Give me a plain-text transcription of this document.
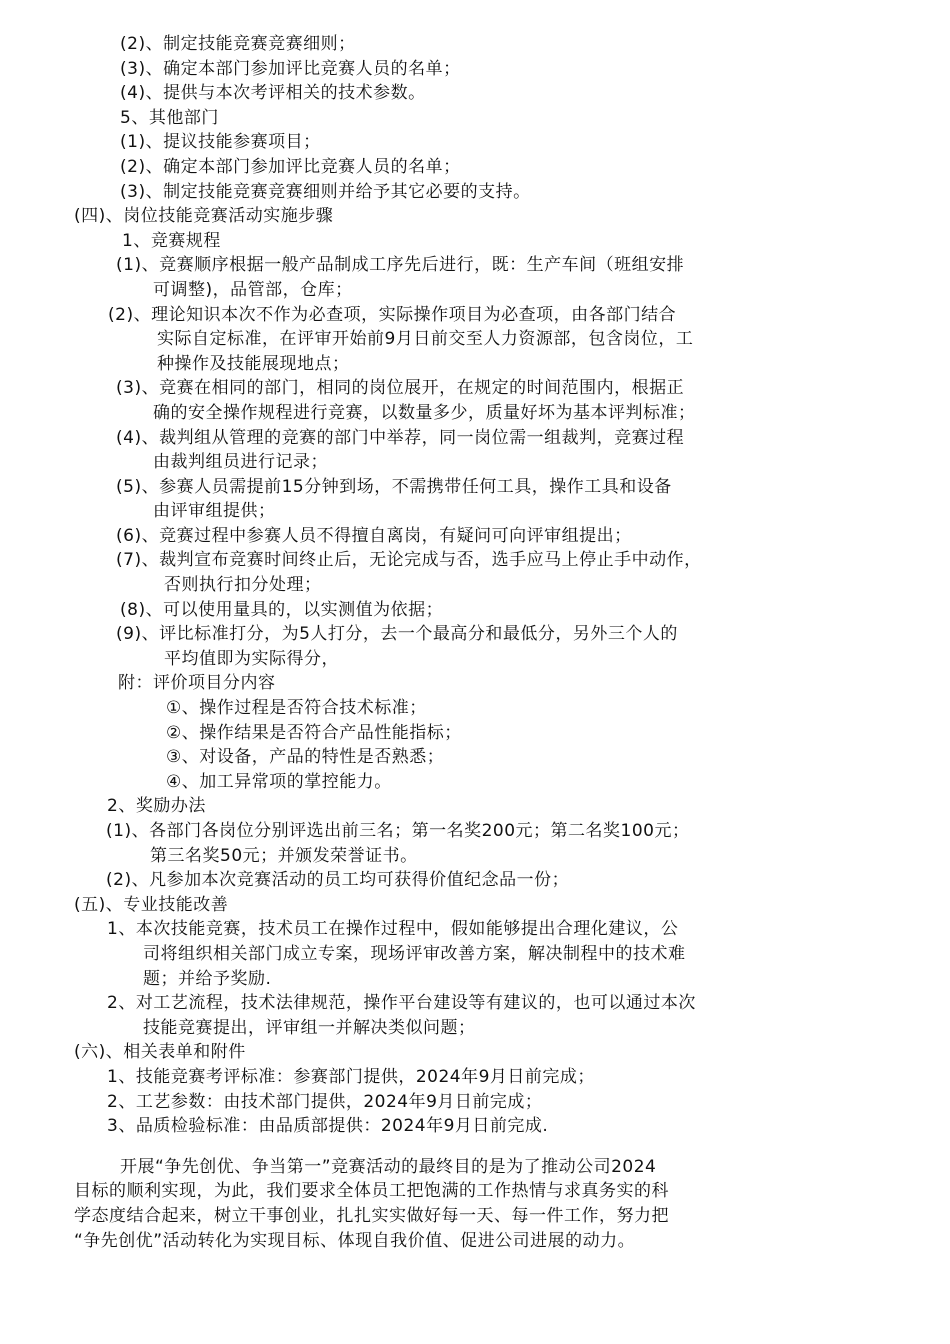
(2)、制定技能竞赛竞赛细则；
(3)、确定本部门参加评比竞赛人员的名单；
(4)、提供与本次考评相关的技术参数。
5、其他部门
(1)、提议技能参赛项目；
(2)、确定本部门参加评比竞赛人员的名单；
(3)、制定技能竞赛竞赛细则并给予其它必要的支持。
(四)、岗位技能竞赛活动实施步骤
1、竞赛规程
(1)、竞赛顺序根据一般产品制成工序先后进行，既：生产车间（班组安排
可调整)，品管部，仓库；
(2)、理论知识本次不作为必查项，实际操作项目为必查项，由各部门结合
实际自定标准，在评审开始前9月日前交至人力资源部，包含岗位，工
种操作及技能展现地点；
(3)、竞赛在相同的部门，相同的岗位展开，在规定的时间范围内，根据正
确的安全操作规程进行竞赛，以数量多少，质量好坏为基本评判标准；
(4)、裁判组从管理的竞赛的部门中举荐，同一岗位需一组裁判，竞赛过程
由裁判组员进行记录；
(5)、参赛人员需提前15分钟到场，不需携带任何工具，操作工具和设备
由评审组提供；
(6)、竞赛过程中参赛人员不得擅自离岗，有疑问可向评审组提出；
(7)、裁判宣布竞赛时间终止后，无论完成与否，选手应马上停止手中动作，
否则执行扣分处理；
(8)、可以使用量具的，以实测值为依据；
(9)、评比标准打分，为5人打分，去一个最高分和最低分，另外三个人的
平均值即为实际得分，
附：评价项目分内容
①、操作过程是否符合技术标准；
②、操作结果是否符合产品性能指标；
③、对设备，产品的特性是否熟悉；
④、加工异常项的掌控能力。
2、奖励办法
(1)、各部门各岗位分别评选出前三名；第一名奖200元；第二名奖100元；
第三名奖50元；并颁发荣誉证书。
(2)、凡参加本次竞赛活动的员工均可获得价值纪念品一份；
(五)、专业技能改善
1、本次技能竞赛，技术员工在操作过程中，假如能够提出合理化建议，公
司将组织相关部门成立专案，现场评审改善方案，解决制程中的技术难
题；并给予奖励.
2、对工艺流程，技术法律规范，操作平台建设等有建议的，也可以通过本次
技能竞赛提出，评审组一并解决类似问题；
(六)、相关表单和附件
1、技能竞赛考评标准：参赛部门提供，2024年9月日前完成；
2、工艺参数：由技术部门提供，2024年9月日前完成；
3、品质检验标准：由品质部提供：2024年9月日前完成.
开展“争先创优、争当第一”竞赛活动的最终目的是为了推动公司2024
目标的顺利实现，为此，我们要求全体员工把饱满的工作热情与求真务实的科
学态度结合起来，树立干事创业，扎扎实实做好每一天、每一件工作，努力把
“争先创优”活动转化为实现目标、体现自我价值、促进公司进展的动力。
